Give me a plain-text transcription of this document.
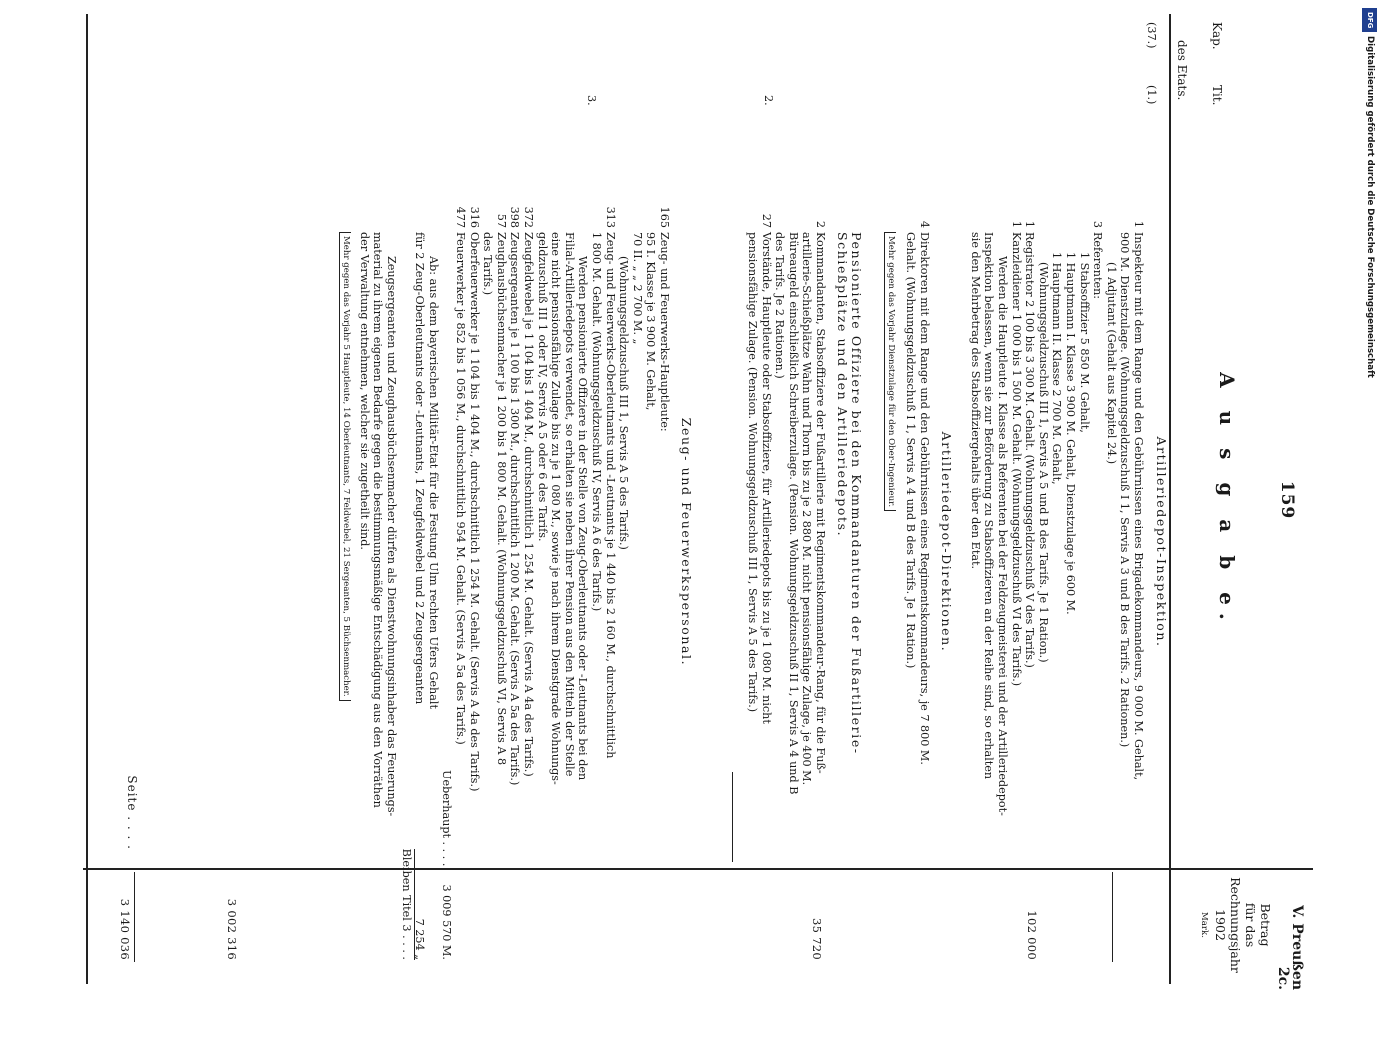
159
V. Preußen 2c.
A u s g a b e.
Kap.
Tit.
des Etats.
Betrag
für das
Rechnungsjahr
1902
Mark.
(37.)
(1.)
2.
3.
Artilleriedepot-Inspektion.
1
Inspekteur mit dem Range und den Gebührnissen eines Brigadekommandeurs, 9 000 M. Gehalt,
900 M. Dienstzulage. (Wohnungsgeldzuschuß I 1, Servis A 3 und B des Tarifs. 2 Rationen.)
(1 Adjutant (Gehalt aus Kapitel 24.)
3
Referenten:
1 Stabsoffizier 5 850 M. Gehalt,
1 Hauptmann I. Klasse 3 900 M. Gehalt, Dienstzulage je 600 M.
1 Hauptmann II. Klasse 2 700 M. Gehalt,
(Wohnungsgeldzuschuß III 1, Servis A 5 und B des Tarifs. Je 1 Ration.)
1
Registrator 2 100 bis 3 300 M. Gehalt. (Wohnungsgeldzuschuß V des Tarifs.)
1
Kanzleidiener 1 000 bis 1 500 M. Gehalt. (Wohnungsgeldzuschuß VI des Tarifs.)
Werden die Hauptleute I. Klasse als Referenten bei der Feldzeugmeisterei und der Artilleriedepot-
Inspektion belassen, wenn sie zur Beförderung zu Stabsoffizieren an der Reihe sind, so erhalten
sie den Mehrbetrag des Stabsoffiziergehalts über den Etat.
Artilleriedepot-Direktionen.
4
Direktoren mit dem Range und den Gebührnissen eines Regimentskommandeurs, je 7 800 M.
Gehalt. (Wohnungsgeldzuschuß I 1, Servis A 4 und B des Tarifs. Je 1 Ration.)
Mehr gegen das Vorjahr Dienstzulage für den Ober-Ingenieur.
102 000
Pensionierte Offiziere bei den Kommandanturen der Fußartillerie-Schießplätze und den Artilleriedepots.
2
Kommandanten, Stabsoffiziere der Fußartillerie mit Regimentskommandeur-Rang, für die Fuß-
artillerie-Schießplätze Wahn und Thorn bis zu je 2 880 M. nicht pensionsfähige Zulage, je 400 M.
Büreaugeld einschließlich Schreiberzulage. (Pension. Wohnungsgeldzuschuß II 1, Servis A 4 und B
des Tarifs. Je 2 Rationen.)
27
Vorstände, Hauptleute oder Stabsoffiziere, für Artilleriedepots bis zu je 1 080 M. nicht
pensionsfähige Zulage. (Pension. Wohnungsgeldzuschuß III 1, Servis A 5 des Tarifs.)
35 720
Zeug- und Feuerwerkspersonal.
165
Zeug- und Feuerwerks-Hauptleute:
95 I. Klasse je 3 900 M. Gehalt,
70 II. „ „ 2 700 M. „
(Wohnungsgeldzuschuß III 1, Servis A 5 des Tarifs.)
313
Zeug- und Feuerwerks-Oberleutnants und -Leutnants je 1 440 bis 2 160 M., durchschnittlich
1 800 M. Gehalt. (Wohnungsgeldzuschuß IV, Servis A 6 des Tarifs.)
Werden pensionierte Offiziere in der Stelle von Zeug-Oberleutnants oder -Leutnants bei den
Filial-Artilleriedepots verwendet, so erhalten sie neben ihrer Pension aus den Mitteln der Stelle
eine nicht pensionsfähige Zulage bis zu je 1 080 M., sowie je nach ihrem Dienstgrade Wohnungs-
geldzuschuß III 1 oder IV, Servis A 5 oder 6 des Tarifs.
372
Zeugfeldwebel je 1 104 bis 1 404 M., durchschnittlich 1 254 M. Gehalt. (Servis A 4a des Tarifs.)
398
Zeugsergeanten je 1 100 bis 1 300 M., durchschnittlich 1 200 M. Gehalt. (Servis A 5a des Tarifs.)
57
Zeughausbüchsenmacher je 1 200 bis 1 800 M. Gehalt. (Wohnungsgeldzuschuß VI, Servis A 8
des Tarifs.)
316
Oberfeuerwerker je 1 104 bis 1 404 M., durchschnittlich 1 254 M. Gehalt. (Servis A 4a des Tarifs.)
477
Feuerwerker je 852 bis 1 056 M., durchschnittlich 954 M. Gehalt. (Servis A 5a des Tarifs.)
Ueberhaupt . . . . 3 009 570 M.
Ab: aus dem bayerischen Militär-Etat für die Festung Ulm rechten Ufers Gehalt
für 2 Zeug-Oberleutnants oder -Leutnants, 1 Zeugfeldwebel und 2 Zeugsergeanten
7 254 „
Bleiben Titel 3 . . . .
Zeugsergeanten und Zeughausbüchsenmacher dürfen als Dienstwohnungsinhaber das Feuerungs-
material zu ihrem eigenen Bedarfe gegen die bestimmungsmäßige Entschädigung aus den Vorräthen
der Verwaltung entnehmen, welcher sie zugetheilt sind.
Mehr gegen das Vorjahr 5 Hauptleute, 14 Oberleutnants, 7 Feldwebel, 21 Sergeanten, 5 Büchsenmacher.
3 002 316
Seite . . . .
3 140 036
DFG
Digitalisierung gefördert durch die Deutsche Forschungsgemeinschaft
